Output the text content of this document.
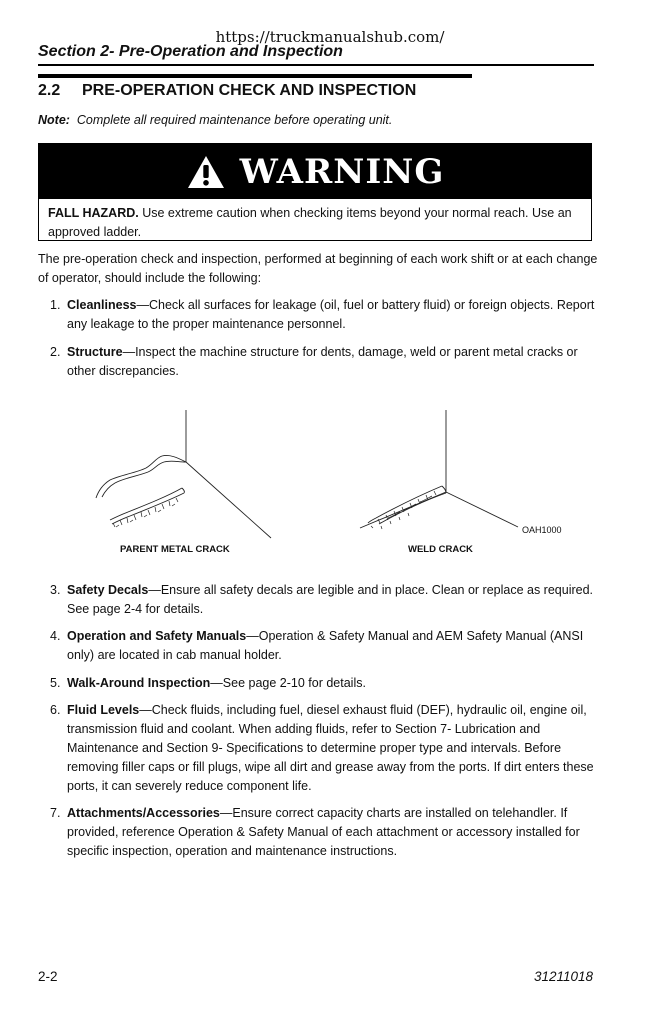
https://truckmanualshub.com/
Section 2- Pre-Operation and Inspection
2.2 PRE-OPERATION CHECK AND INSPECTION
Note: Complete all required maintenance before operating unit.
WARNING
FALL HAZARD. Use extreme caution when checking items beyond your normal reach. Use an approved ladder.
The pre-operation check and inspection, performed at beginning of each work shift or at each change of operator, should include the following:
1. Cleanliness—Check all surfaces for leakage (oil, fuel or battery fluid) or foreign objects. Report any leakage to the proper maintenance personnel.
2. Structure—Inspect the machine structure for dents, damage, weld or parent metal cracks or other discrepancies.
OAH1000
PARENT METAL CRACK	WELD CRACK
3. Safety Decals—Ensure all safety decals are legible and in place. Clean or replace as required. See page 2-4 for details.
4. Operation and Safety Manuals—Operation & Safety Manual and AEM Safety Manual (ANSI only) are located in cab manual holder.
5. Walk-Around Inspection—See page 2-10 for details.
6. Fluid Levels—Check fluids, including fuel, diesel exhaust fluid (DEF), hydraulic oil, engine oil, transmission fluid and coolant. When adding fluids, refer to Section 7- Lubrication and Maintenance and Section 9- Specifications to determine proper type and intervals. Before removing filler caps or fill plugs, wipe all dirt and grease away from the ports. If dirt enters these ports, it can severely reduce component life.
7. Attachments/Accessories—Ensure correct capacity charts are installed on telehandler. If provided, reference Operation & Safety Manual of each attachment or accessory installed for specific inspection, operation and maintenance instructions.
2-2	31211018
